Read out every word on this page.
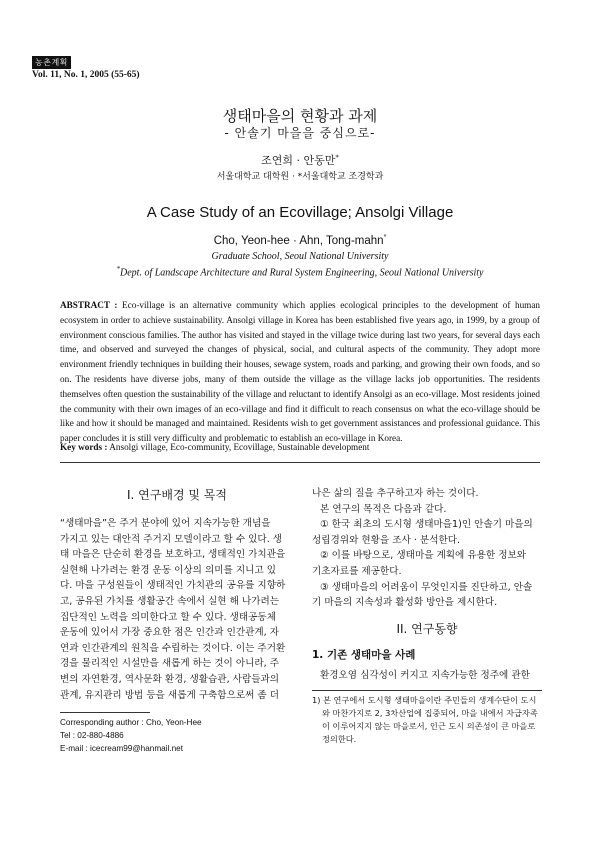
농촌계획
Vol. 11, No. 1, 2005 (55-65)
생태마을의 현황과 과제
- 안솔기 마을을 중심으로-
조연희 · 안동만*
서울대학교 대학원 · *서울대학교 조경학과
A Case Study of an Ecovillage; Ansolgi Village
Cho, Yeon-hee · Ahn, Tong-mahn*
Graduate School, Seoul National University
*Dept. of Landscape Architecture and Rural System Engineering, Seoul National University
ABSTRACT : Eco-village is an alternative community which applies ecological principles to the development of human ecosystem in order to achieve sustainability. Ansolgi village in Korea has been established five years ago, in 1999, by a group of environment conscious families. The author has visited and stayed in the village twice during last two years, for several days each time, and observed and surveyed the changes of physical, social, and cultural aspects of the community. They adopt more environment friendly techniques in building their houses, sewage system, roads and parking, and growing their own foods, and so on. The residents have diverse jobs, many of them outside the village as the village lacks job opportunities. The residents themselves often question the sustainability of the village and reluctant to identify Ansolgi as an eco-village. Most residents joined the community with their own images of an eco-village and find it difficult to reach consensus on what the eco-village should be like and how it should be managed and maintained. Residents wish to get government assistances and professional guidance. This paper concludes it is still very difficulty and problematic to establish an eco-village in Korea.
Key words : Ansolgi village, Eco-community, Ecovillage, Sustainable development
I. 연구배경 및 목적

“생태마을”은 주거 분야에 있어 지속가능한 개념을

가지고 있는 대안적 주거지 모델이라고 할 수 있다. 생

태 마을은 단순히 환경을 보호하고, 생태적인 가치관을

실현해 나가려는 환경 운동 이상의 의미를 지니고 있

다. 마을 구성원들이 생태적인 가치관의 공유를 지향하

고, 공유된 가치를 생활공간 속에서 실현 해 나가려는

집단적인 노력을 의미한다고 할 수 있다. 생태공동체

운동에 있어서 가장 중요한 점은 인간과 인간관계, 자

연과 인간관계의 원칙을 수립하는 것이다. 이는 주거환

경을 물리적인 시설만을 새롭게 하는 것이 아니라, 주

변의 자연환경, 역사문화 환경, 생활습관, 사람들과의

관계, 유지관리 방법 등을 새롭게 구축함으로써 좀 더

Corresponding author : Cho, Yeon-Hee

Tel : 02-880-4886

E-mail : icecream99@hanmail.net

나은 삶의 질을 추구하고자 하는 것이다.

본 연구의 목적은 다음과 같다.

① 한국 최초의 도시형 생태마을1)인 안솔기 마을의

성립경위와 현황을 조사 · 분석한다.

② 이를 바탕으로, 생태마을 계획에 유용한 정보와

기초자료를 제공한다.

③ 생태마을의 어려움이 무엇인지를 진단하고, 안솔

기 마을의 지속성과 활성화 방안을 제시한다.

II. 연구동향
1. 기존 생태마을 사례
환경오염 심각성이 커지고 지속가능한 정주에 관한

1) 본 연구에서 도시형 생태마을이란 주민들의 생계수단이 도시

와 마찬가지로 2, 3차산업에 집중되어, 마을 내에서 자급자족

이 이루어지지 않는 마을로서, 인근 도시 의존성이 큰 마을로

정의한다.
